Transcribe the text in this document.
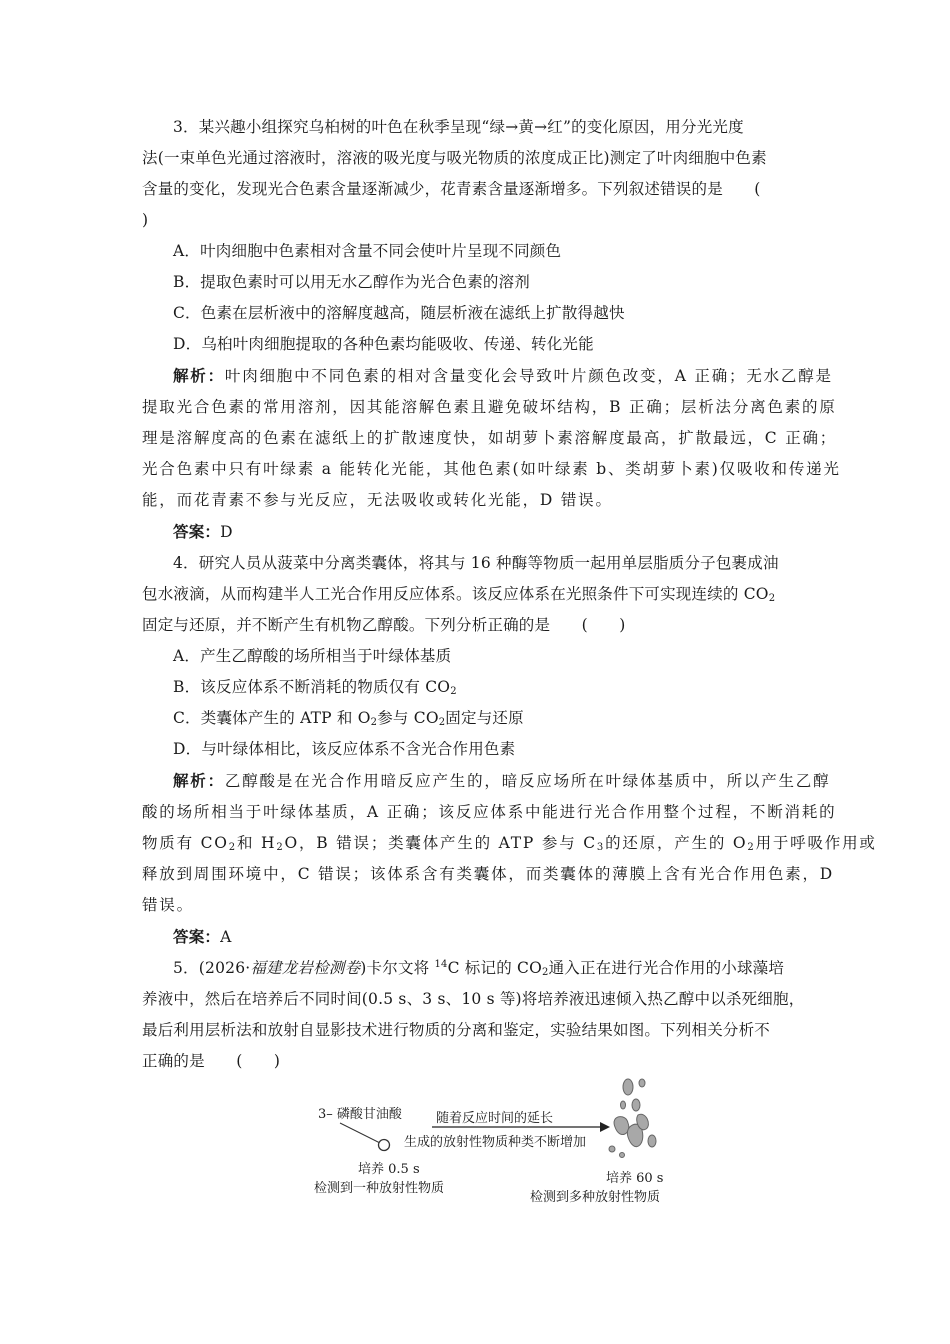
3．某兴趣小组探究乌桕树的叶色在秋季呈现“绿→黄→红”的变化原因，用分光光度
法(一束单色光通过溶液时，溶液的吸光度与吸光物质的浓度成正比)测定了叶肉细胞中色素
含量的变化，发现光合色素含量逐渐减少，花青素含量逐渐增多。下列叙述错误的是　　(
)
A．叶肉细胞中色素相对含量不同会使叶片呈现不同颜色
B．提取色素时可以用无水乙醇作为光合色素的溶剂
C．色素在层析液中的溶解度越高，随层析液在滤纸上扩散得越快
D．乌桕叶肉细胞提取的各种色素均能吸收、传递、转化光能
解析：叶肉细胞中不同色素的相对含量变化会导致叶片颜色改变，A 正确；无水乙醇是
提取光合色素的常用溶剂，因其能溶解色素且避免破坏结构，B 正确；层析法分离色素的原
理是溶解度高的色素在滤纸上的扩散速度快，如胡萝卜素溶解度最高，扩散最远，C 正确；
光合色素中只有叶绿素 a 能转化光能，其他色素(如叶绿素 b、类胡萝卜素)仅吸收和传递光
能，而花青素不参与光反应，无法吸收或转化光能，D 错误。
答案：D
4．研究人员从菠菜中分离类囊体，将其与 16 种酶等物质一起用单层脂质分子包裹成油
包水液滴，从而构建半人工光合作用反应体系。该反应体系在光照条件下可实现连续的 $CO_2$
固定与还原，并不断产生有机物乙醇酸。下列分析正确的是　　(　　)
A．产生乙醇酸的场所相当于叶绿体基质
B．该反应体系不断消耗的物质仅有 $CO_2$
C．类囊体产生的 ATP 和 $O_2$参与 $CO_2$固定与还原
D．与叶绿体相比，该反应体系不含光合作用色素
解析：乙醇酸是在光合作用暗反应产生的，暗反应场所在叶绿体基质中，所以产生乙醇
酸的场所相当于叶绿体基质，A 正确；该反应体系中能进行光合作用整个过程，不断消耗的
物质有 $CO_2$和 $H_2O$，B 错误；类囊体产生的 ATP 参与 $C_3$的还原，产生的 $O_2$用于呼吸作用或
释放到周围环境中，C 错误；该体系含有类囊体，而类囊体的薄膜上含有光合作用色素，D
错误。
答案：A
5．(2026·福建龙岩检测卷)卡尔文将 $^{14}$C 标记的 $CO_2$通入正在进行光合作用的小球藻培
养液中，然后在培养后不同时间(0.5 s、3 s、10 s 等)将培养液迅速倾入热乙醇中以杀死细胞，
最后利用层析法和放射自显影技术进行物质的分离和鉴定，实验结果如图。下列相关分析不
正确的是　　(　　)
3– 磷酸甘油酸	随着反应时间的延长
生成的放射性物质种类不断增加
培养 0.5 s
检测到一种放射性物质
培养 60 s
检测到多种放射性物质
